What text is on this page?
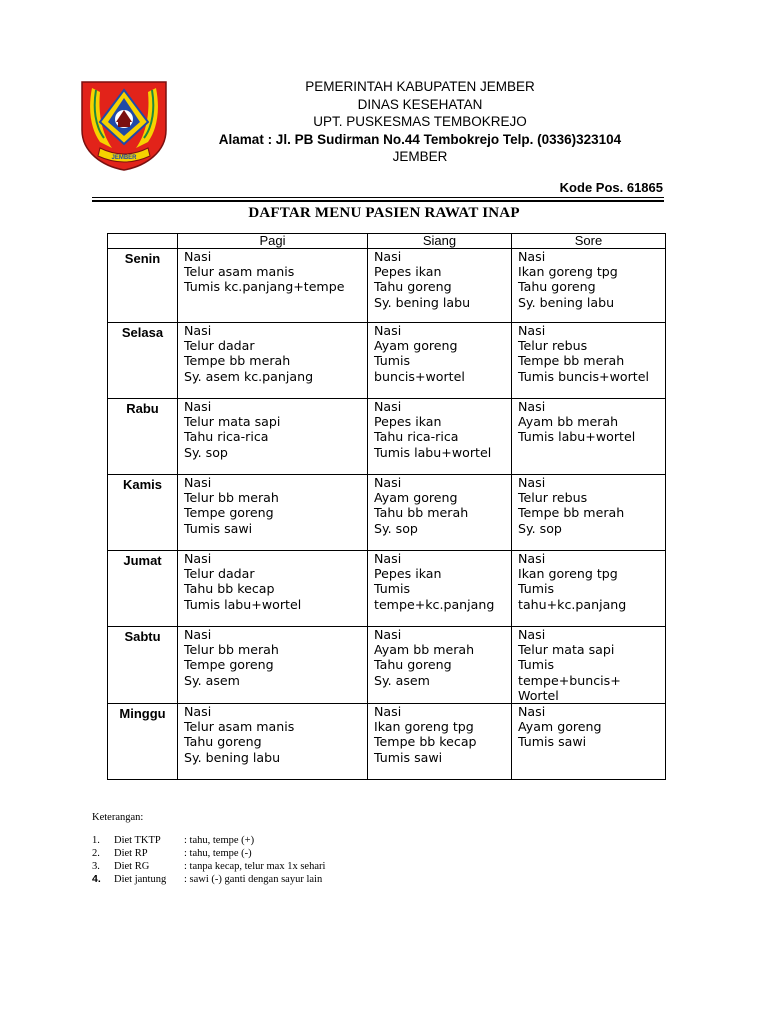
JEMBER
PEMERINTAH KABUPATEN JEMBER
DINAS KESEHATAN
UPT. PUSKESMAS TEMBOKREJO
Alamat : Jl. PB Sudirman No.44 Tembokrejo Telp. (0336)323104
JEMBER
Kode Pos. 61865
DAFTAR MENU PASIEN RAWAT INAP
	Pagi	Siang	Sore
Senin	Nasi
Telur asam manis
Tumis kc.panjang+tempe	Nasi
Pepes ikan
Tahu goreng
Sy. bening labu	Nasi
Ikan goreng tpg
Tahu goreng
Sy. bening labu

Selasa	Nasi
Telur dadar
Tempe bb merah
Sy. asem kc.panjang	Nasi
Ayam goreng
Tumis
buncis+wortel	Nasi
Telur rebus
Tempe bb merah
Tumis buncis+wortel

Rabu	Nasi
Telur mata sapi
Tahu rica-rica
Sy. sop	Nasi
Pepes ikan
Tahu rica-rica
Tumis labu+wortel	Nasi
Ayam bb merah
Tumis labu+wortel

Kamis	Nasi
Telur bb merah
Tempe goreng
Tumis sawi	Nasi
Ayam goreng
Tahu bb merah
Sy. sop	Nasi
Telur rebus
Tempe bb merah
Sy. sop

Jumat	Nasi
Telur dadar
Tahu bb kecap
Tumis labu+wortel	Nasi
Pepes ikan
Tumis
tempe+kc.panjang	Nasi
Ikan goreng tpg
Tumis
tahu+kc.panjang

Sabtu	Nasi
Telur bb merah
Tempe goreng
Sy. asem	Nasi
Ayam bb merah
Tahu goreng
Sy. asem	Nasi
Telur mata sapi
Tumis
tempe+buncis+
Wortel

Minggu	Nasi
Telur asam manis
Tahu goreng
Sy. bening labu	Nasi
Ikan goreng tpg
Tempe bb kecap
Tumis sawi	Nasi
Ayam goreng
Tumis sawi
Keterangan:
1.	Diet TKTP	: tahu, tempe (+)
2.	Diet RP	: tahu, tempe (-)
3.	Diet RG	: tanpa kecap, telur max 1x sehari
4.	Diet jantung	: sawi (-) ganti dengan sayur lain
